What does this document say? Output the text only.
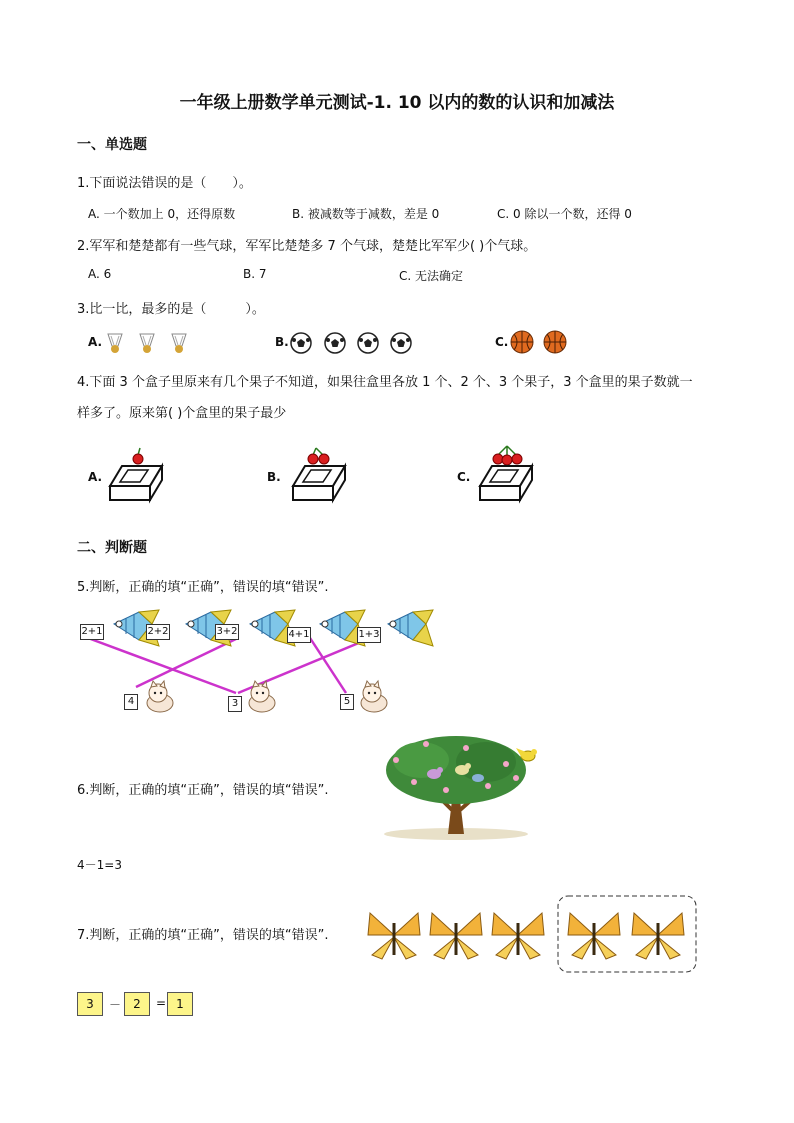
一年级上册数学单元测试-1. 10 以内的数的认识和加减法
一、单选题
1.下面说法错误的是（　　）。
A. 一个数加上 0，还得原数	B. 被减数等于减数，差是 0	C. 0 除以一个数，还得 0
2.军军和楚楚都有一些气球，军军比楚楚多 7 个气球，楚楚比军军少( )个气球。
A. 6	B. 7	C. 无法确定
3.比一比，最多的是（　　　）。
A.	B.	C.
4.下面 3 个盒子里原来有几个果子不知道，如果往盒里各放 1 个、2 个、3 个果子，3 个盒里的果子数就一
样多了。原来第( )个盒里的果子最少
A.	B.	C.
二、判断题
5.判断，正确的填“正确”，错误的填“错误”.
2+1	2+2	3+2	4+1	1+3
4	3	5
6.判断，正确的填“正确”，错误的填“错误”.
4－1=3
7.判断，正确的填“正确”，错误的填“错误”.
3	－	2	= 1
